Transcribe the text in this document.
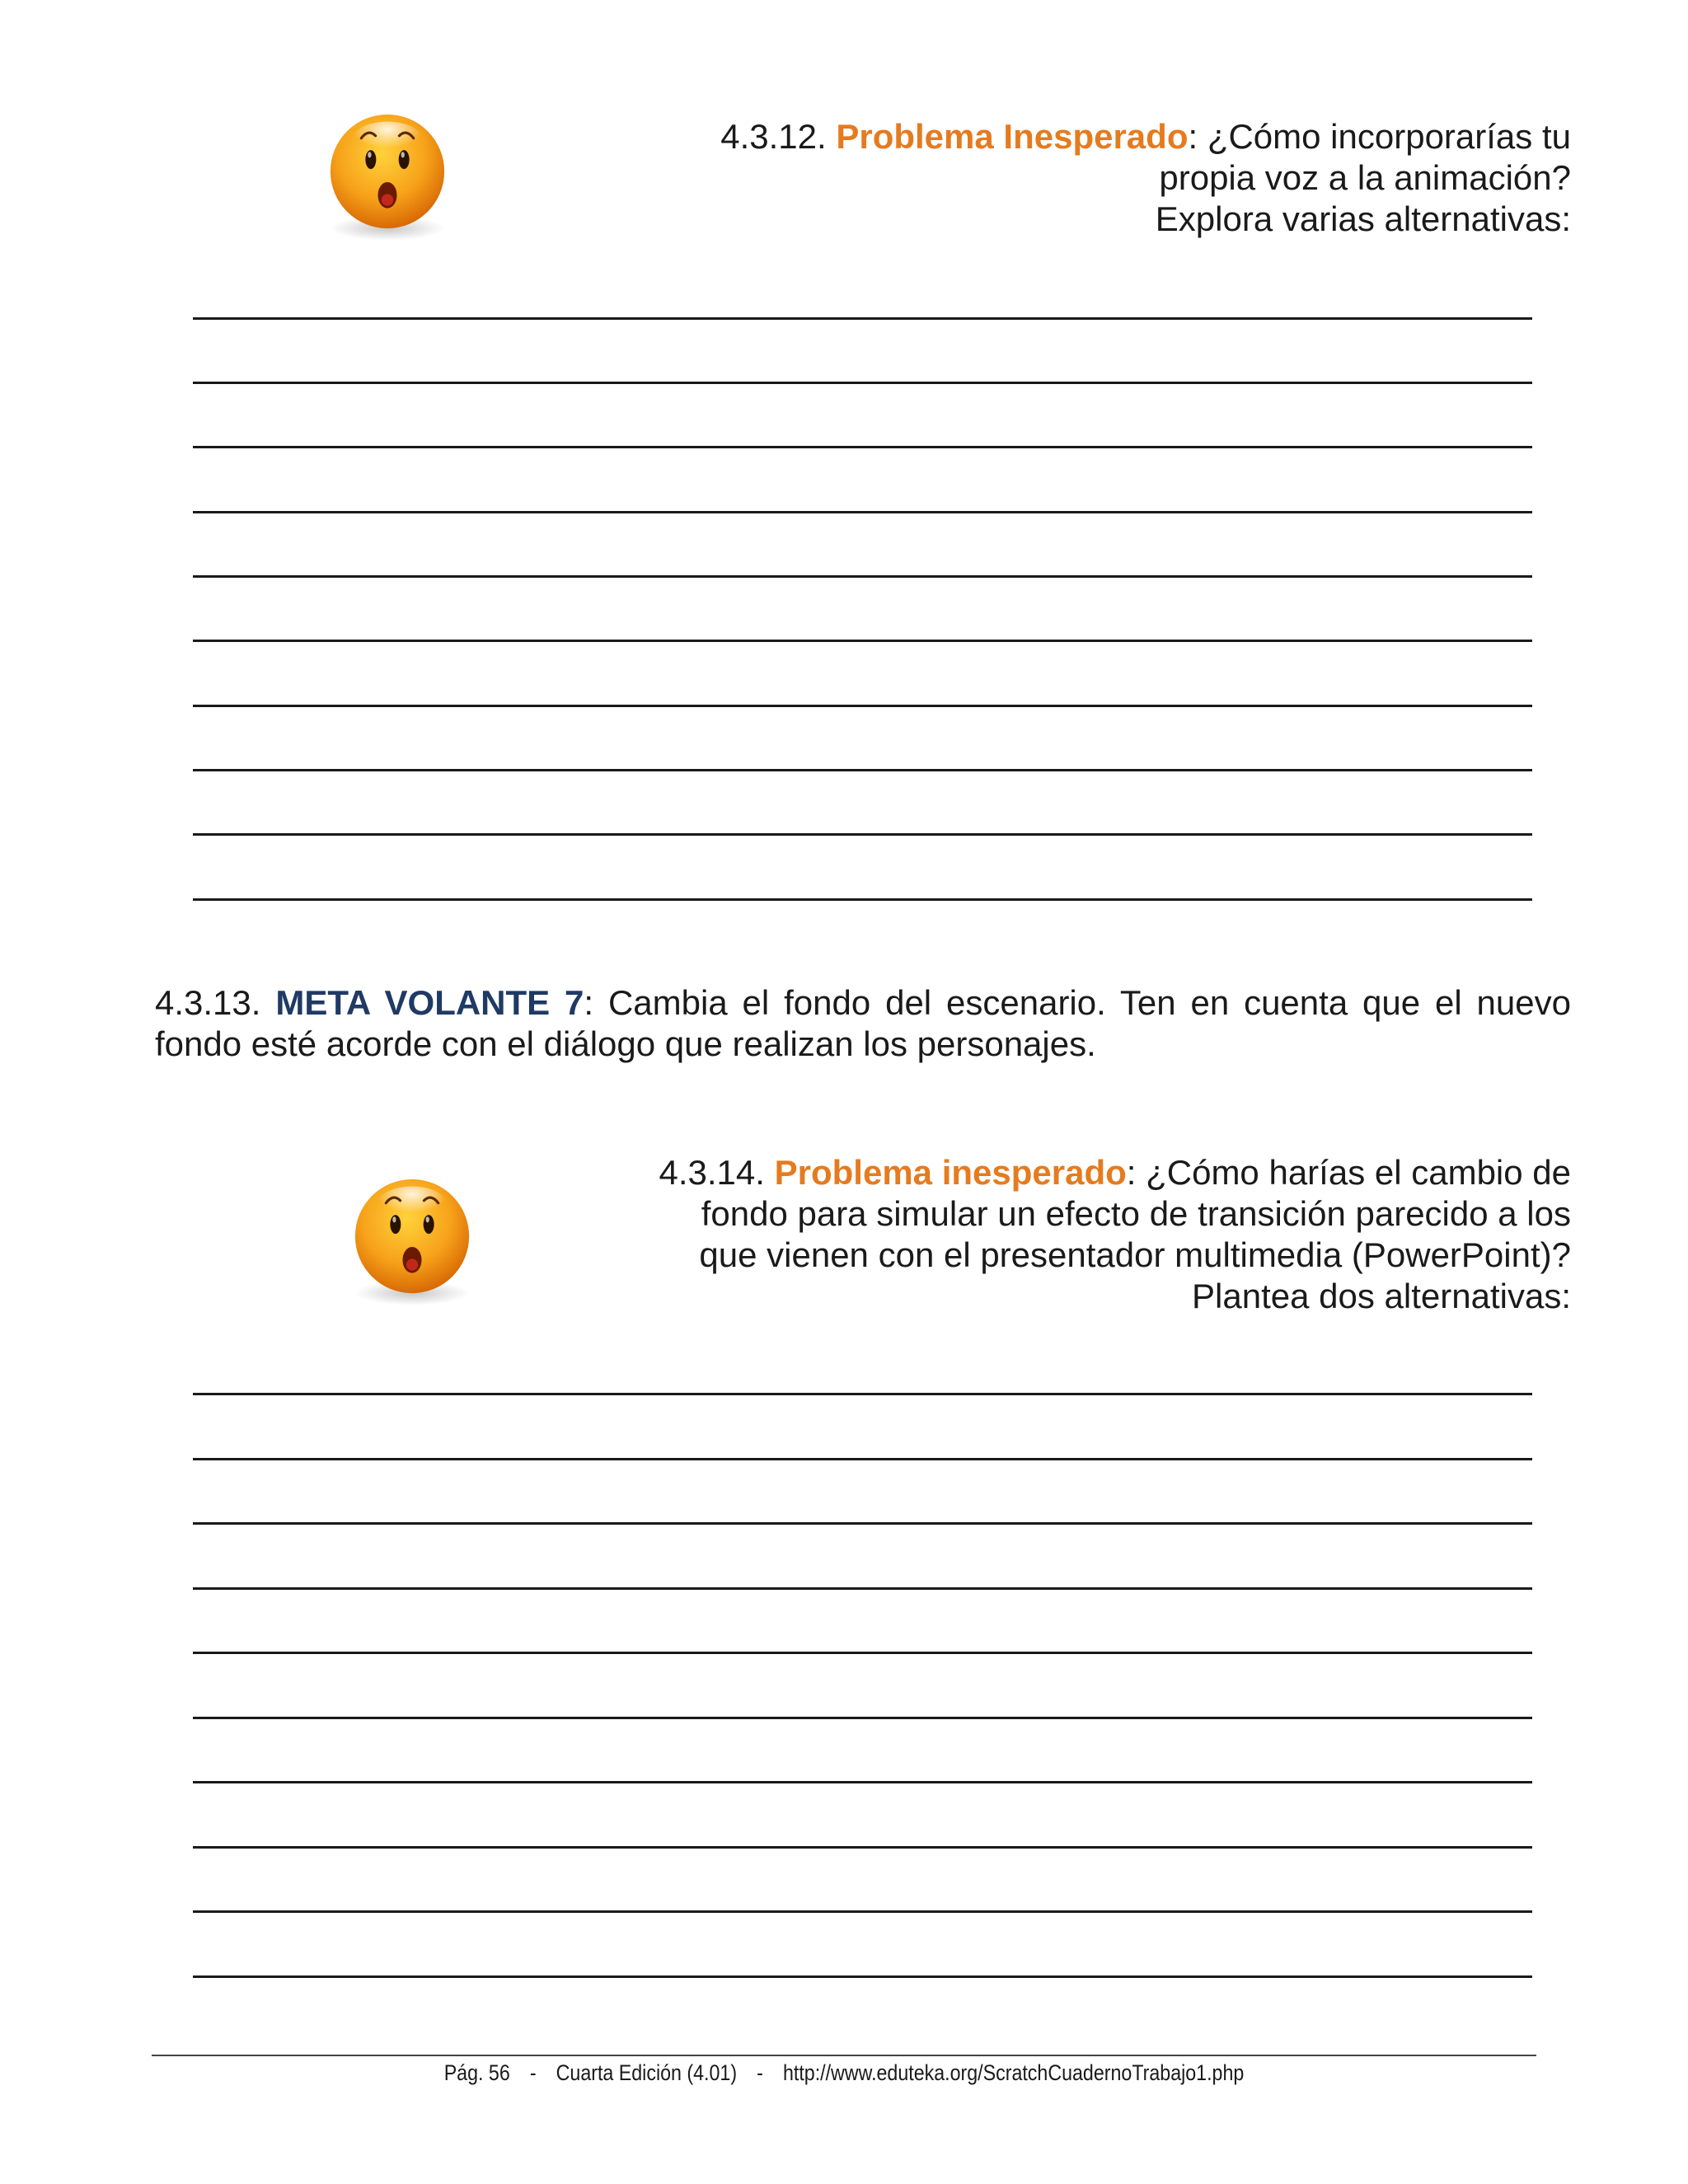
4.3.12. Problema Inesperado: ¿Cómo incorporarías tu
propia voz a la animación?
Explora varias alternativas:
4.3.13. META VOLANTE 7: Cambia el fondo del escenario. Ten en cuenta que el nuevo fondo esté acorde con el diálogo que realizan los personajes.
4.3.14. Problema inesperado: ¿Cómo harías el cambio de
fondo para simular un efecto de transición parecido a los
que vienen con el presentador multimedia (PowerPoint)?
Plantea dos alternativas:
Pág. 56 - Cuarta Edición (4.01) - http://www.eduteka.org/ScratchCuadernoTrabajo1.php
